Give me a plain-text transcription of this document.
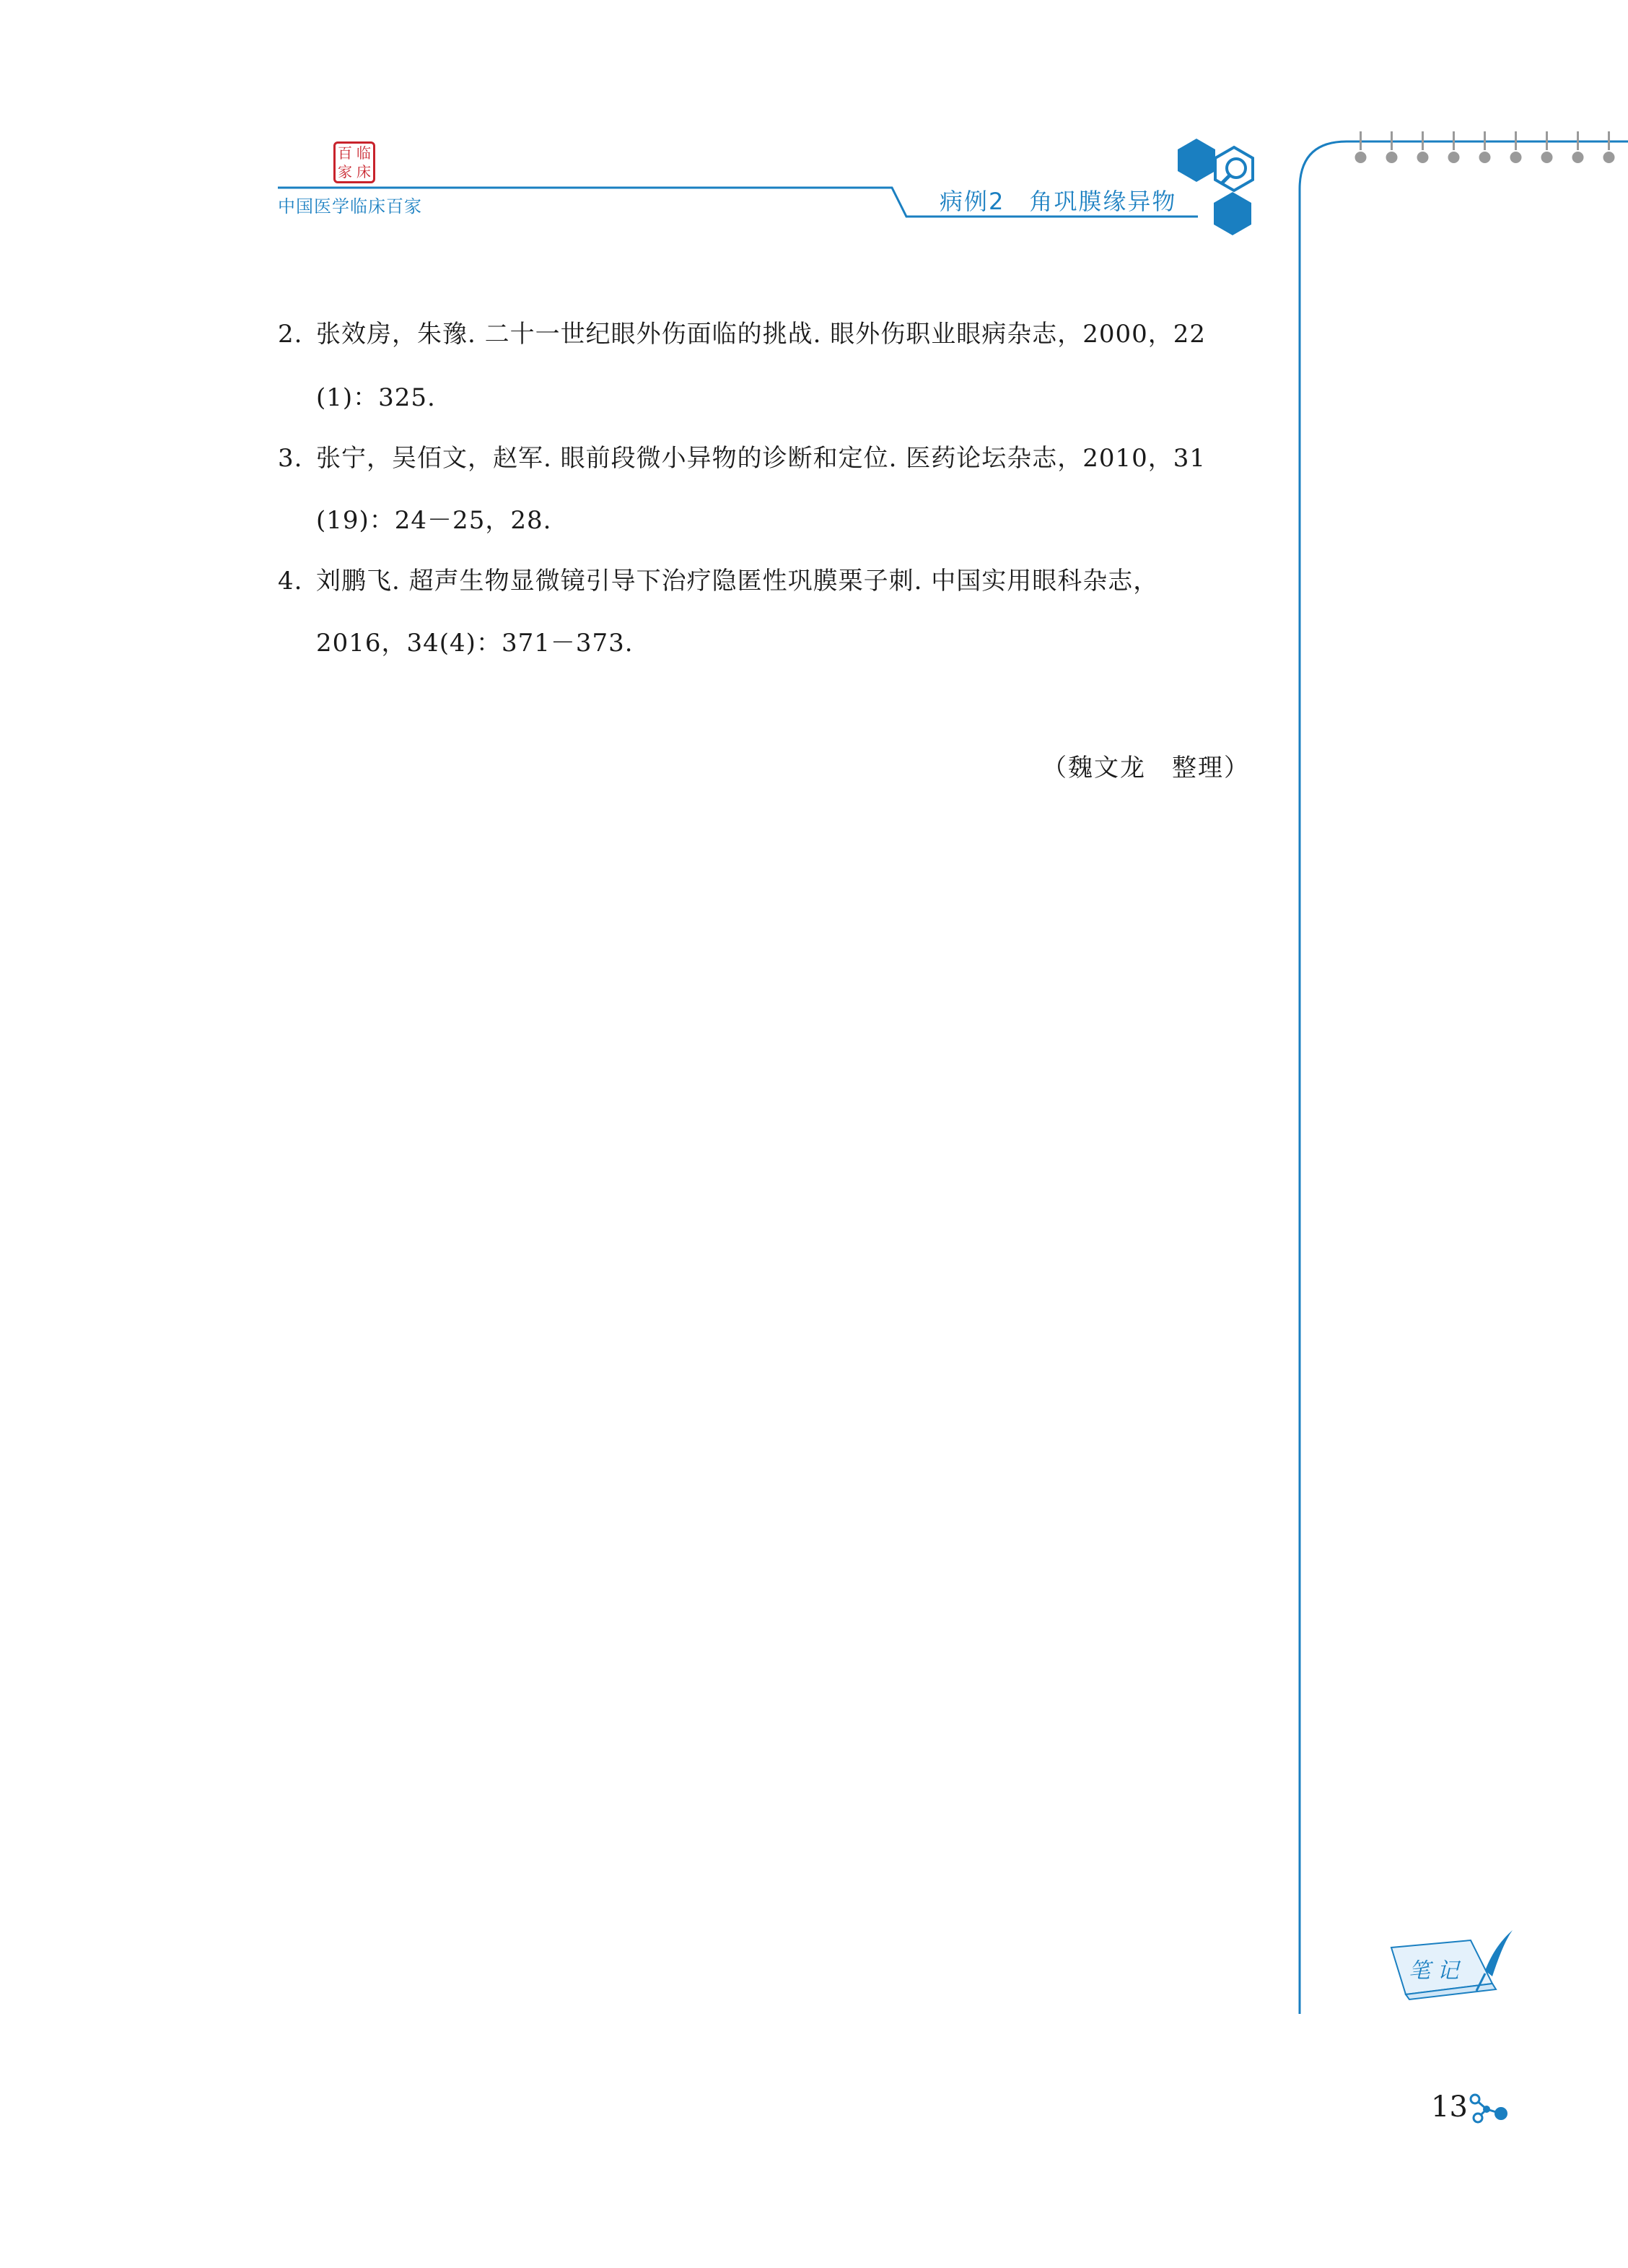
百 临
家 床
中国医学临床百家	病例2　角巩膜缘异物
2. 张效房，朱豫. 二十一世纪眼外伤面临的挑战. 眼外伤职业眼病杂志，2000，22
(1)：325.
3. 张宁，吴佰文，赵军. 眼前段微小异物的诊断和定位. 医药论坛杂志，2010，31
(19)：24－25，28.
4. 刘鹏飞. 超声生物显微镜引导下治疗隐匿性巩膜栗子刺. 中国实用眼科杂志，
2016，34(4)：371－373.
（魏文龙　整理）
笔 记
13
